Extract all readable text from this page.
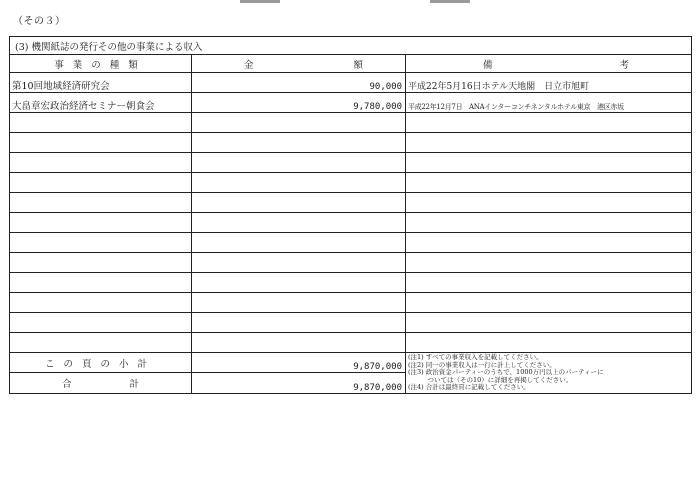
（その３）
(3) 機関紙誌の発行その他の事業による収入		
事業の種類	金 額	備 考

第10回地域経済研究会	90,000	平成22年5月16日ホテル天地閣　日立市旭町
大畠章宏政治経済セミナー朝食会	9,780,000	平成22年12月7日　ANAインターコンチネンタルホテル東京　港区赤坂

この頁の小計	9,870,000	(注1) すべての事業収入を記載してください。
(注2) 同一の事業収入は一行に計上してください。
(注3) 政治資金パーティーのうちで、1000万円以上のパーティーに
　　　ついては（その10）に詳細を再掲してください。
(注4) 合計は最終頁に記載してください。

合 計	9,870,000	
